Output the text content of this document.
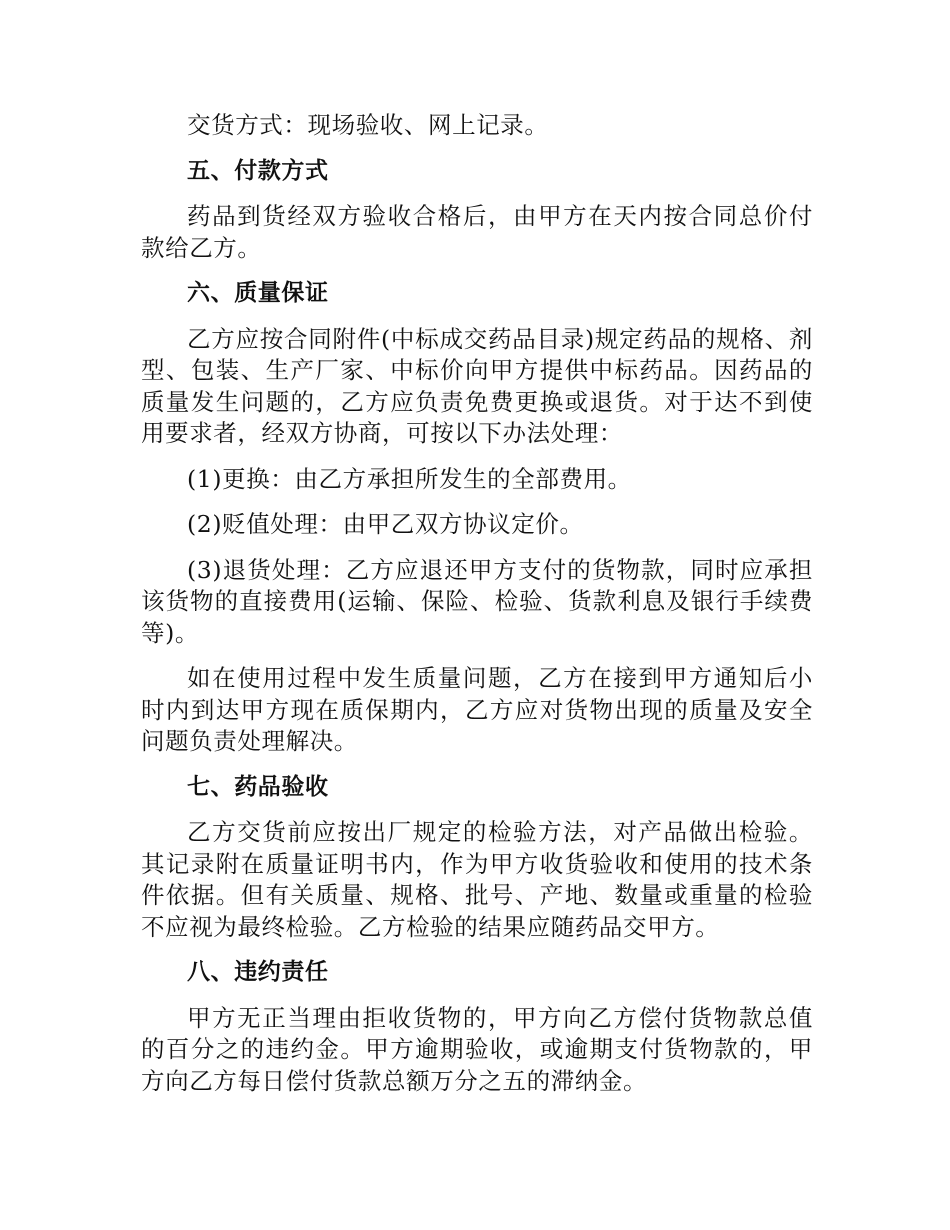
交货方式：现场验收、网上记录。

五、付款方式

药品到货经双方验收合格后，由甲方在天内按合同总价付款给乙方。

六、质量保证

乙方应按合同附件(中标成交药品目录)规定药品的规格、剂型、包装、生产厂家、中标价向甲方提供中标药品。因药品的质量发生问题的，乙方应负责免费更换或退货。对于达不到使用要求者，经双方协商，可按以下办法处理：

(1)更换：由乙方承担所发生的全部费用。

(2)贬值处理：由甲乙双方协议定价。

(3)退货处理：乙方应退还甲方支付的货物款，同时应承担该货物的直接费用(运输、保险、检验、货款利息及银行手续费等)。

如在使用过程中发生质量问题，乙方在接到甲方通知后小时内到达甲方现在质保期内，乙方应对货物出现的质量及安全问题负责处理解决。

七、药品验收

乙方交货前应按出厂规定的检验方法，对产品做出检验。其记录附在质量证明书内，作为甲方收货验收和使用的技术条件依据。但有关质量、规格、批号、产地、数量或重量的检验不应视为最终检验。乙方检验的结果应随药品交甲方。

八、违约责任

甲方无正当理由拒收货物的，甲方向乙方偿付货物款总值的百分之的违约金。甲方逾期验收，或逾期支付货物款的，甲方向乙方每日偿付货款总额万分之五的滞纳金。
